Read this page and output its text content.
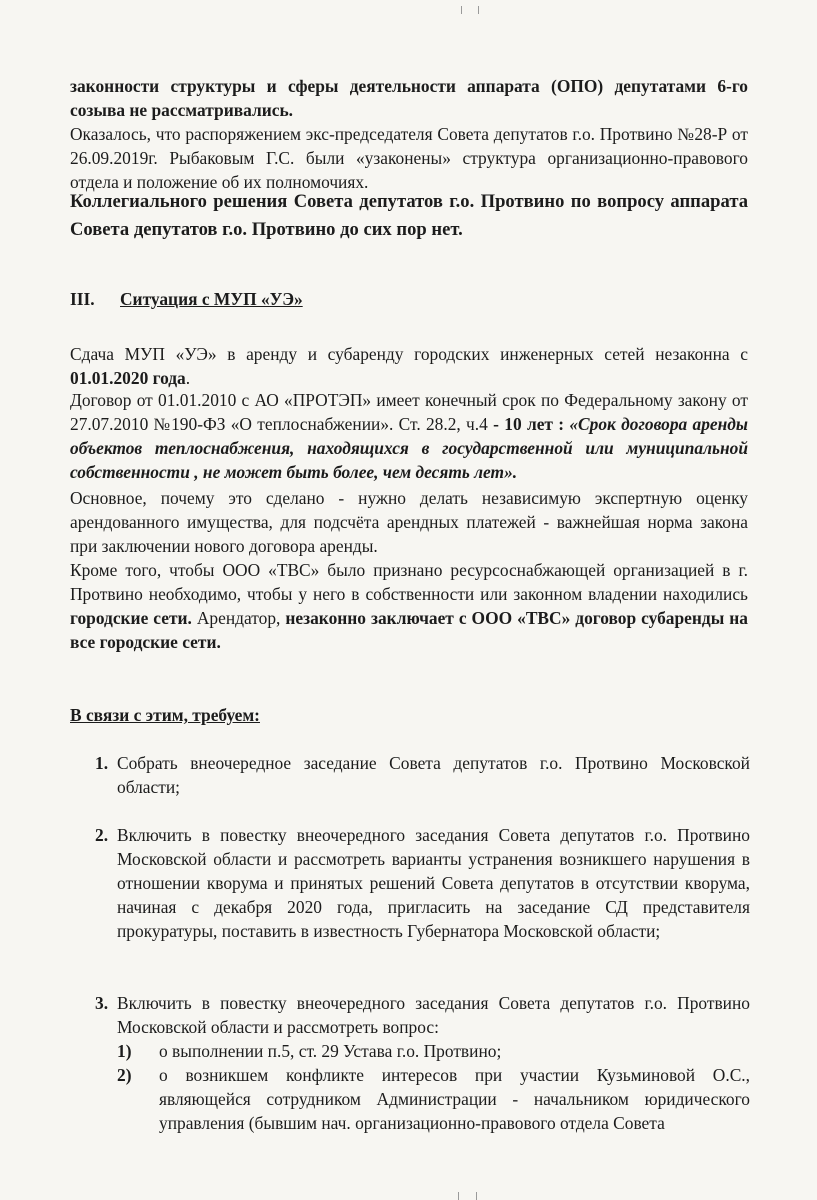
законности структуры и сферы деятельности аппарата (ОПО) депутатами 6-го созыва не рассматривались.

Оказалось, что распоряжением экс-председателя Совета депутатов г.о. Протвино №28-Р от 26.09.2019г. Рыбаковым Г.С. были «узаконены» структура организационно-правового отдела и положение об их полномочиях.

Коллегиального решения Совета депутатов г.о. Протвино по вопросу аппарата Совета депутатов г.о. Протвино до сих пор нет.

III. Ситуация с МУП «УЭ»

Сдача МУП «УЭ» в аренду и субаренду городских инженерных сетей незаконна с 01.01.2020 года.

Договор от 01.01.2010 с АО «ПРОТЭП» имеет конечный срок по Федеральному закону от 27.07.2010 №190-ФЗ «О теплоснабжении». Ст. 28.2, ч.4 - 10 лет : «Срок договора аренды объектов теплоснабжения, находящихся в государственной или муниципальной собственности , не может быть более, чем десять лет».

Основное, почему это сделано - нужно делать независимую экспертную оценку арендованного имущества, для подсчёта арендных платежей - важнейшая норма закона при заключении нового договора аренды.

Кроме того, чтобы ООО «ТВС» было признано ресурсоснабжающей организацией в г. Протвино необходимо, чтобы у него в собственности или законном владении находились городские сети. Арендатор, незаконно заключает с ООО «ТВС» договор субаренды на все городские сети.

В связи с этим, требуем:

1. Собрать внеочередное заседание Совета депутатов г.о. Протвино Московской области;

2. Включить в повестку внеочередного заседания Совета депутатов г.о. Протвино Московской области и рассмотреть варианты устранения возникшего нарушения в отношении кворума и принятых решений Совета депутатов в отсутствии кворума, начиная с декабря 2020 года, пригласить на заседание СД представителя прокуратуры, поставить в известность Губернатора Московской области;

3. Включить в повестку внеочередного заседания Совета депутатов г.о. Протвино Московской области и рассмотреть вопрос:

1) о выполнении п.5, ст. 29 Устава г.о. Протвино;

2) о возникшем конфликте интересов при участии Кузьминовой О.С., являющейся сотрудником Администрации - начальником юридического управления (бывшим нач. организационно-правового отдела Совета
